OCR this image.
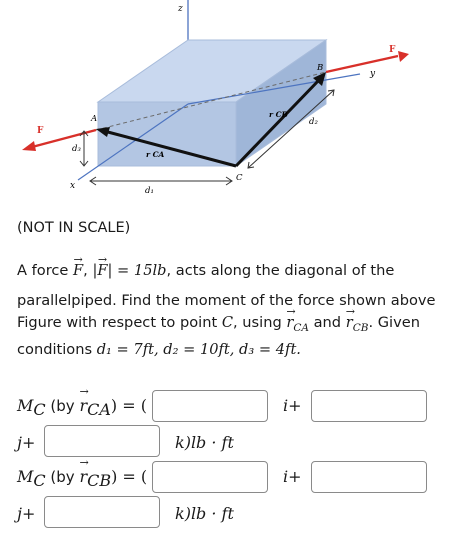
z
y
x
A
B
C
F
F
r CA
r CB
d₁
d₂
d₃
(NOT IN SCALE)
A force → F, |→ F| = 15lb, acts along the diagonal of the
parallelpiped. Find the moment of the force shown above Figure with respect to point C, $using \to r_{CA}$ and → $r_{CB}$. Given conditions d₁ = 7ft, d₂ = 10ft, d₃ = 4ft.
$M_C$ $(by \to r_{CA})$ = (	i+
j+	k)lb · ft
$M_C$ $(by \to r_{CB})$ = (	i+
j+	k)lb · ft
